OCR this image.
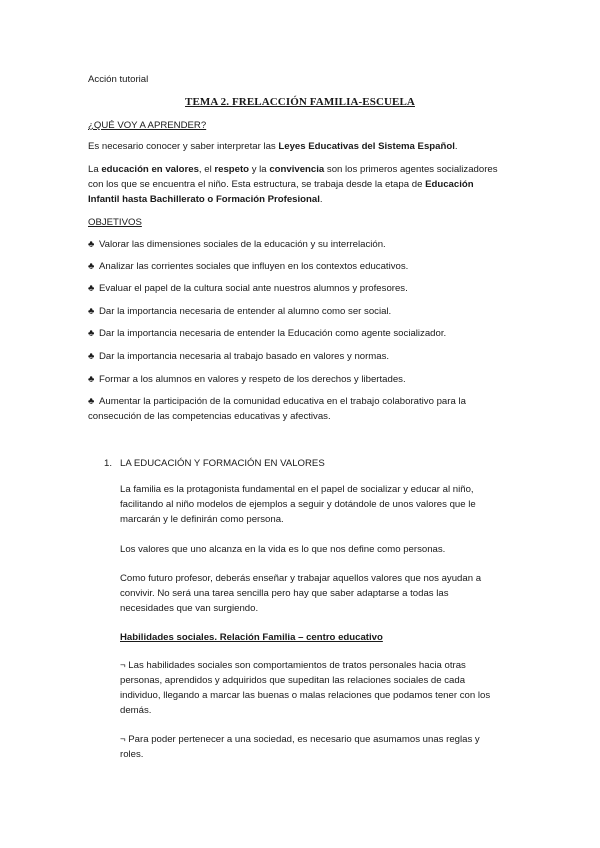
Acción tutorial
TEMA 2. FRELACCIÓN FAMILIA-ESCUELA
¿QUÉ VOY A APRENDER?
Es necesario conocer y saber interpretar las Leyes Educativas del Sistema Español.
La educación en valores, el respeto y la convivencia son los primeros agentes socializadores
con los que se encuentra el niño. Esta estructura, se trabaja desde la etapa de Educación
Infantil hasta Bachillerato o Formación Profesional.
OBJETIVOS
♣ Valorar las dimensiones sociales de la educación y su interrelación.
♣ Analizar las corrientes sociales que influyen en los contextos educativos.
♣ Evaluar el papel de la cultura social ante nuestros alumnos y profesores.
♣ Dar la importancia necesaria de entender al alumno como ser social.
♣ Dar la importancia necesaria de entender la Educación como agente socializador.
♣ Dar la importancia necesaria al trabajo basado en valores y normas.
♣ Formar a los alumnos en valores y respeto de los derechos y libertades.
♣ Aumentar la participación de la comunidad educativa en el trabajo colaborativo para la
consecución de las competencias educativas y afectivas.
1. LA EDUCACIÓN Y FORMACIÓN EN VALORES
La familia es la protagonista fundamental en el papel de socializar y educar al niño,
facilitando al niño modelos de ejemplos a seguir y dotándole de unos valores que le
marcarán y le definirán como persona.
Los valores que uno alcanza en la vida es lo que nos define como personas.
Como futuro profesor, deberás enseñar y trabajar aquellos valores que nos ayudan a
convivir. No será una tarea sencilla pero hay que saber adaptarse a todas las
necesidades que van surgiendo.
Habilidades sociales. Relación Familia – centro educativo
¬ Las habilidades sociales son comportamientos de tratos personales hacia otras
personas, aprendidos y adquiridos que supeditan las relaciones sociales de cada
individuo, llegando a marcar las buenas o malas relaciones que podamos tener con los
demás.
¬ Para poder pertenecer a una sociedad, es necesario que asumamos unas reglas y
roles.
